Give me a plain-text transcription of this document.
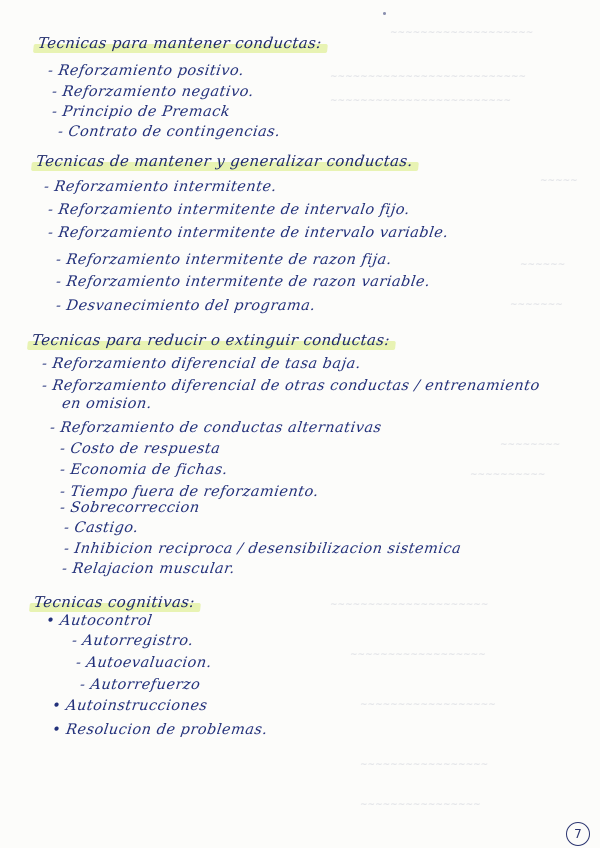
~~~~~~~~~~~~~~~~~~~
~~~~~~~~~~~~~~~~~~~~~~~~~~
~~~~~~~~~~~~~~~~~~~~~~~~
~~~~~
~~~~~~
~~~~~~~
~~~~~~~~
~~~~~~~~~~
~~~~~~~~~~~~~~~~~~~~~
~~~~~~~~~~~~~~~~~~
~~~~~~~~~~~~~~~~~~
~~~~~~~~~~~~~~~~~
~~~~~~~~~~~~~~~~
Tecnicas para mantener conductas:
- Reforzamiento positivo.
- Reforzamiento negativo.
- Principio de Premack
- Contrato de contingencias.
Tecnicas de mantener y generalizar conductas.
- Reforzamiento intermitente.
- Reforzamiento intermitente de intervalo fijo.
- Reforzamiento intermitente de intervalo variable.
- Reforzamiento intermitente de razon fija.
- Reforzamiento intermitente de razon variable.
- Desvanecimiento del programa.
Tecnicas para reducir o extinguir conductas:
- Reforzamiento diferencial de tasa baja.
- Reforzamiento diferencial de otras conductas / entrenamiento
en omision.
- Reforzamiento de conductas alternativas
- Costo de respuesta
- Economia de fichas.
- Tiempo fuera de reforzamiento.
- Sobrecorreccion
- Castigo.
- Inhibicion reciproca / desensibilizacion sistemica
- Relajacion muscular.
Tecnicas cognitivas:
• Autocontrol
- Autorregistro.
- Autoevaluacion.
- Autorrefuerzo
• Autoinstrucciones
• Resolucion de problemas.
7
